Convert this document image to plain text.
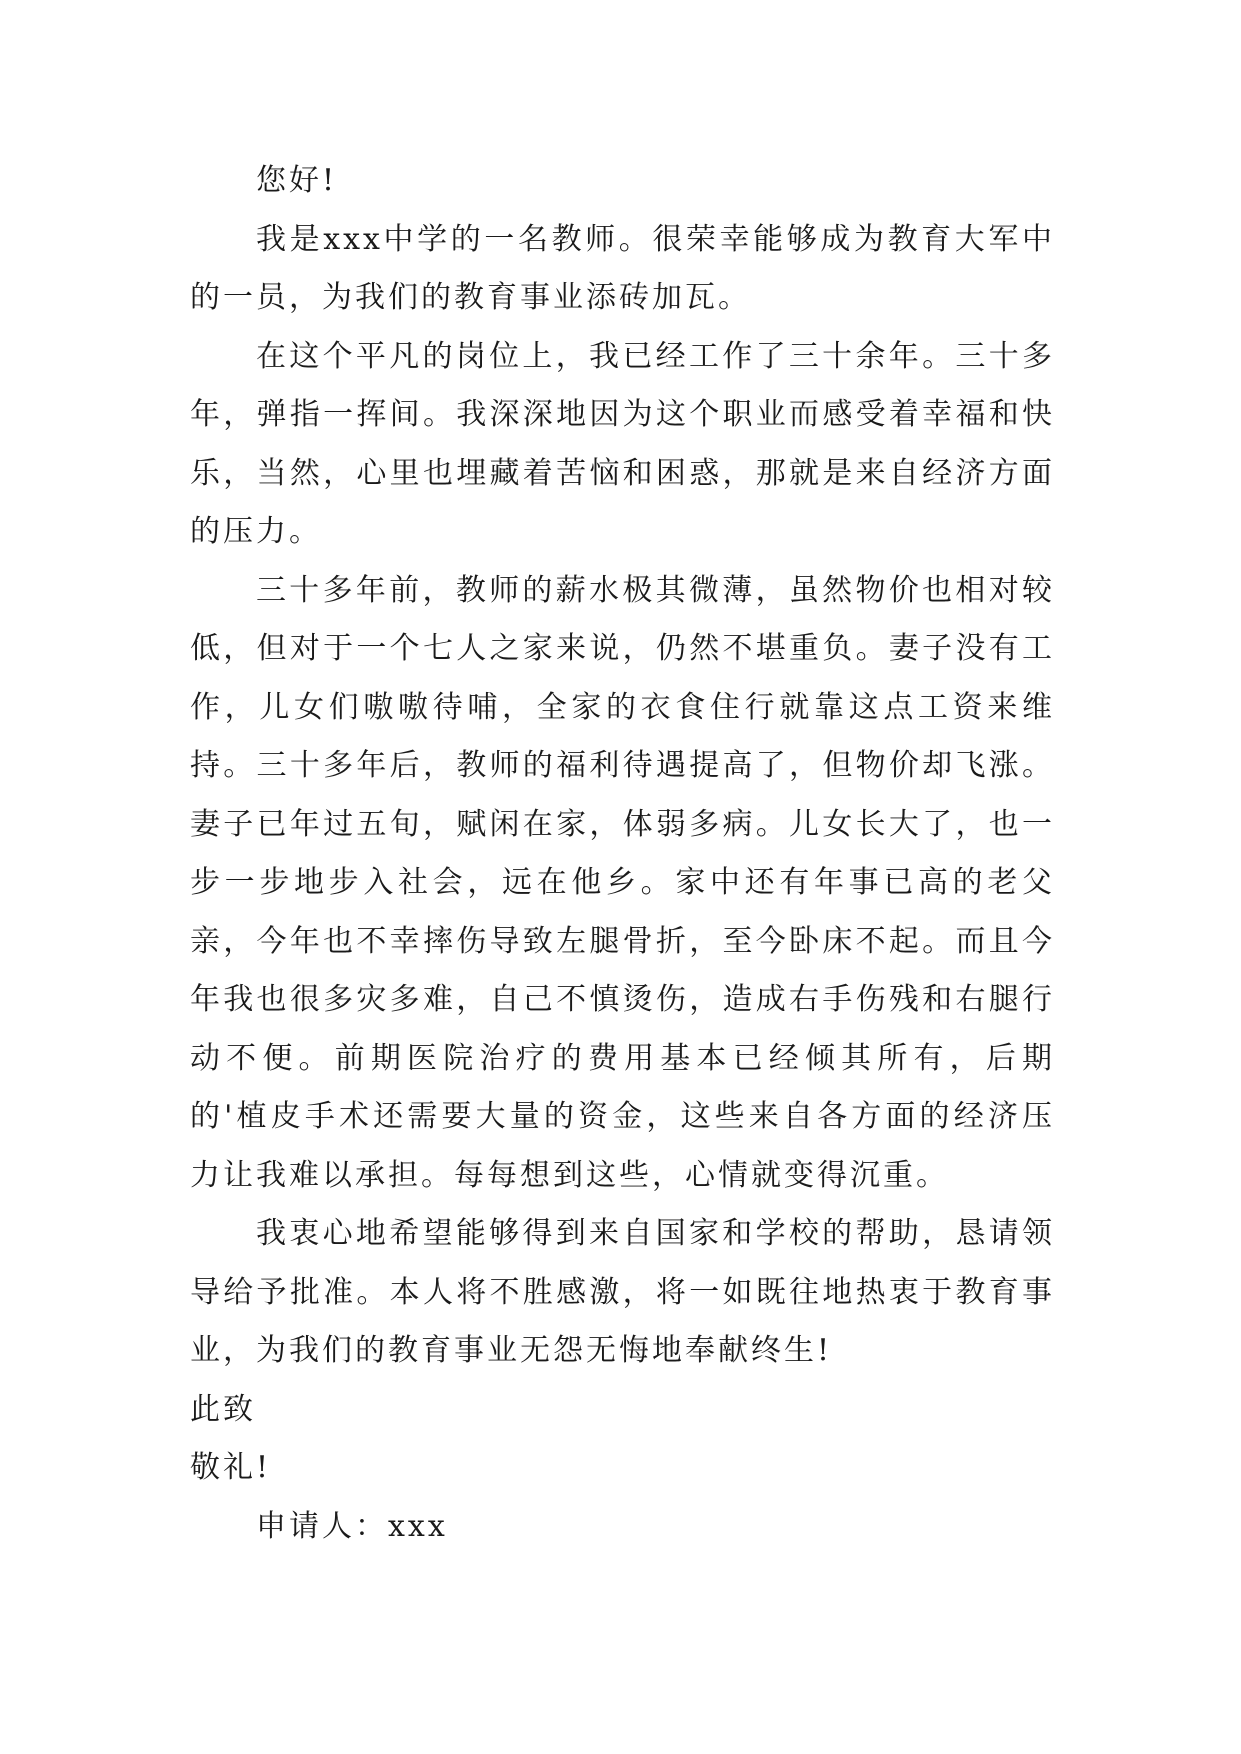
您好!

我是xxx中学的一名教师。很荣幸能够成为教育大军中的一员，为我们的教育事业添砖加瓦。

在这个平凡的岗位上，我已经工作了三十余年。三十多年，弹指一挥间。我深深地因为这个职业而感受着幸福和快乐，当然，心里也埋藏着苦恼和困惑，那就是来自经济方面的压力。

三十多年前，教师的薪水极其微薄，虽然物价也相对较低，但对于一个七人之家来说，仍然不堪重负。妻子没有工作，儿女们嗷嗷待哺，全家的衣食住行就靠这点工资来维持。三十多年后，教师的福利待遇提高了，但物价却飞涨。妻子已年过五旬，赋闲在家，体弱多病。儿女长大了，也一步一步地步入社会，远在他乡。家中还有年事已高的老父亲，今年也不幸摔伤导致左腿骨折，至今卧床不起。而且今年我也很多灾多难，自己不慎烫伤，造成右手伤残和右腿行动不便。前期医院治疗的费用基本已经倾其所有，后期的'植皮手术还需要大量的资金，这些来自各方面的经济压力让我难以承担。每每想到这些，心情就变得沉重。

我衷心地希望能够得到来自国家和学校的帮助，恳请领导给予批准。本人将不胜感激，将一如既往地热衷于教育事业，为我们的教育事业无怨无悔地奉献终生!

此致

敬礼!

申请人：xxx
